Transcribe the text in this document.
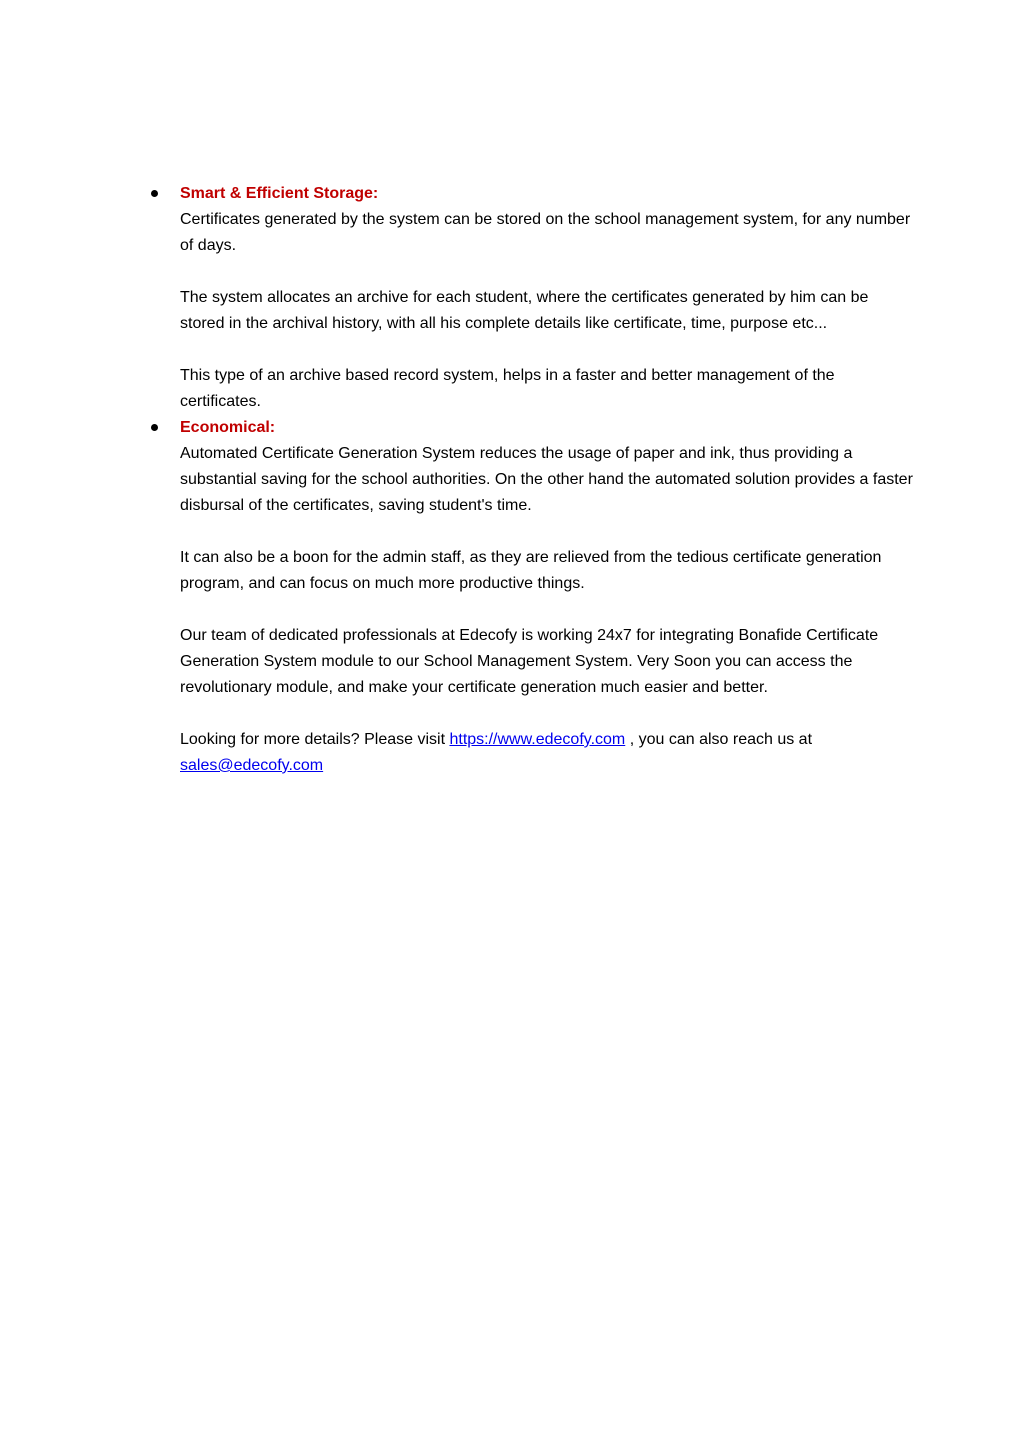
Smart & Efficient Storage:

Certificates generated by the system can be stored on the school management system, for any number of days.

The system allocates an archive for each student, where the certificates generated by him can be stored in the archival history, with all his complete details like certificate, time, purpose etc...

This type of an archive based record system, helps in a faster and better management of the certificates.

Economical:

Automated Certificate Generation System reduces the usage of paper and ink, thus providing a substantial saving for the school authorities. On the other hand the automated solution provides a faster disbursal of the certificates, saving student's time.

It can also be a boon for the admin staff, as they are relieved from the tedious certificate generation program, and can focus on much more productive things.

Our team of dedicated professionals at Edecofy is working 24x7 for integrating Bonafide Certificate Generation System module to our School Management System. Very Soon you can access the revolutionary module, and make your certificate generation much easier and better.

Looking for more details? Please visit https://www.edecofy.com , you can also reach us at sales@edecofy.com
